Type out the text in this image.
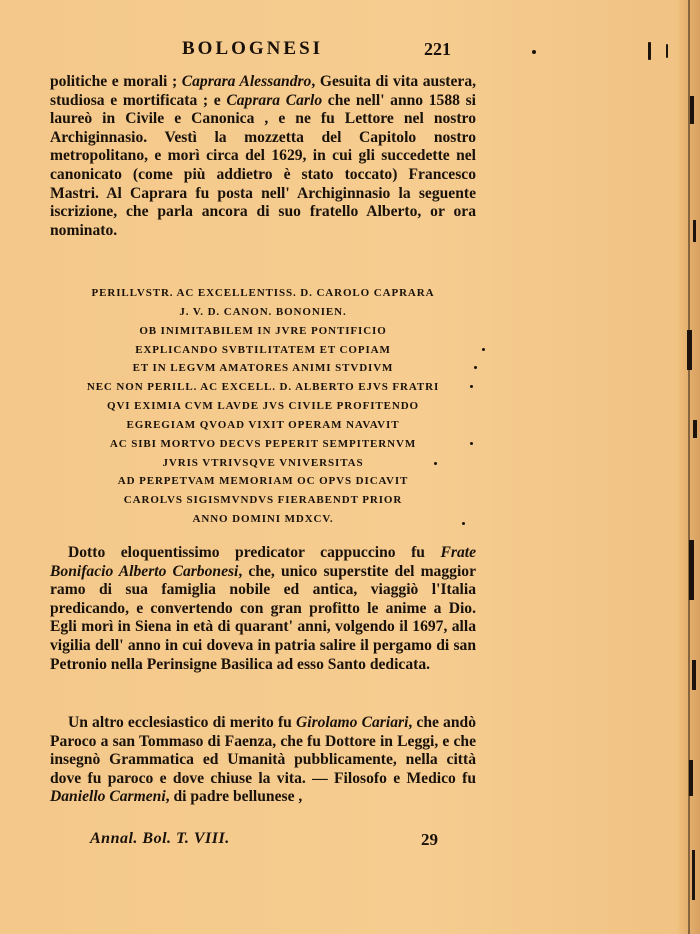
BOLOGNESI	221

politiche e morali ; Caprara Alessandro, Gesuita di vita austera, studiosa e mortificata ; e Caprara Carlo che nell' anno 1588 si laureò in Civile e Canonica , e ne fu Lettore nel nostro Archiginnasio. Vestì la mozzetta del Capitolo nostro metropolitano, e morì circa del 1629, in cui gli succedette nel canonicato (come più addietro è stato toccato) Francesco Mastri. Al Caprara fu posta nell' Archiginnasio la seguente iscrizione, che parla ancora di suo fratello Alberto, or ora nominato.

PERILLVSTR. AC EXCELLENTISS. D. CAROLO CAPRARA
J. V. D. CANON. BONONIEN.
OB INIMITABILEM IN JVRE PONTIFICIO
EXPLICANDO SVBTILITATEM ET COPIAM
ET IN LEGVM AMATORES ANIMI STVDIVM
NEC NON PERILL. AC EXCELL. D. ALBERTO EJVS FRATRI
QVI EXIMIA CVM LAVDE JVS CIVILE PROFITENDO
EGREGIAM QVOAD VIXIT OPERAM NAVAVIT
AC SIBI MORTVO DECVS PEPERIT SEMPITERNVM
JVRIS VTRIVSQVE VNIVERSITAS
AD PERPETVAM MEMORIAM OC OPVS DICAVIT
CAROLVS SIGISMVNDVS FIERABENDT PRIOR
ANNO DOMINI MDXCV.

Dotto eloquentissimo predicator cappuccino fu Frate Bonifacio Alberto Carbonesi, che, unico superstite del maggior ramo di sua famiglia nobile ed antica, viaggiò l'Italia predicando, e convertendo con gran profitto le anime a Dio. Egli morì in Siena in età di quarant' anni, volgendo il 1697, alla vigilia dell' anno in cui doveva in patria salire il pergamo di san Petronio nella Perinsigne Basilica ad esso Santo dedicata.

Un altro ecclesiastico di merito fu Girolamo Cariari, che andò Paroco a san Tommaso di Faenza, che fu Dottore in Leggi, e che insegnò Grammatica ed Umanità pubblicamente, nella città dove fu paroco e dove chiuse la vita. — Filosofo e Medico fu Daniello Carmeni, di padre bellunese ,

Annal. Bol. T. VIII.	29
